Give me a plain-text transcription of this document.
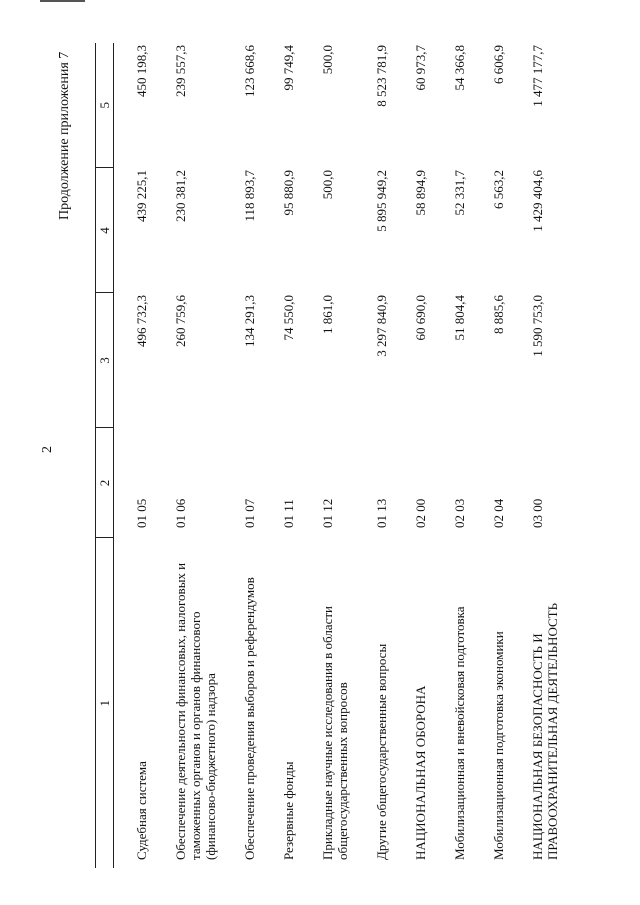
2
Продолжение приложения 7
1	2	3	4	5
Судебная система	01 05	496 732,3	439 225,1	450 198,3
Обеспечение деятельности финансовых, налоговых и таможенных органов и органов финансового (финансово-бюджетного) надзора	01 06	260 759,6	230 381,2	239 557,3
Обеспечение проведения выборов и референдумов	01 07	134 291,3	118 893,7	123 668,6
Резервные фонды	01 11	74 550,0	95 880,9	99 749,4
Прикладные научные исследования в области общегосударственных вопросов	01 12	1 861,0	500,0	500,0
Другие общегосударственные вопросы	01 13	3 297 840,9	5 895 949,2	8 523 781,9
НАЦИОНАЛЬНАЯ ОБОРОНА	02 00	60 690,0	58 894,9	60 973,7
Мобилизационная и вневойсковая подготовка	02 03	51 804,4	52 331,7	54 366,8
Мобилизационная подготовка экономики	02 04	8 885,6	6 563,2	6 606,9
НАЦИОНАЛЬНАЯ БЕЗОПАСНОСТЬ И ПРАВООХРАНИТЕЛЬНАЯ ДЕЯТЕЛЬНОСТЬ	03 00	1 590 753,0	1 429 404,6	1 477 177,7
